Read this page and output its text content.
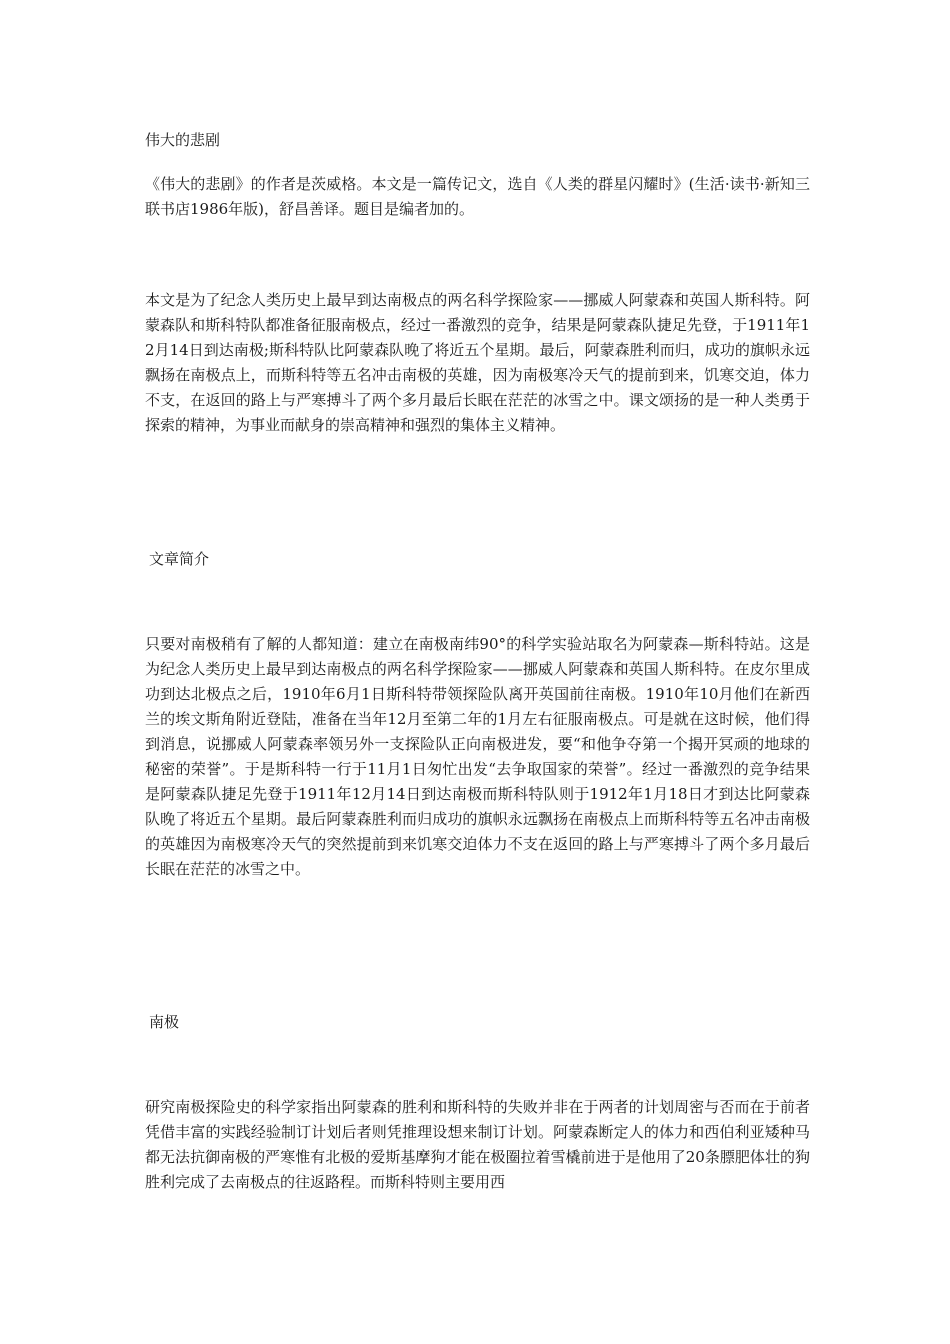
伟大的悲剧

《伟大的悲剧》的作者是茨威格。本文是一篇传记文，选自《人类的群星闪耀时》(生活·读书·新知三联书店1986年版)，舒昌善译。题目是编者加的。

本文是为了纪念人类历史上最早到达南极点的两名科学探险家——挪威人阿蒙森和英国人斯科特。阿蒙森队和斯科特队都准备征服南极点，经过一番激烈的竞争，结果是阿蒙森队捷足先登，于1911年12月14日到达南极;斯科特队比阿蒙森队晚了将近五个星期。最后，阿蒙森胜利而归，成功的旗帜永远飘扬在南极点上，而斯科特等五名冲击南极的英雄，因为南极寒冷天气的提前到来，饥寒交迫，体力不支，在返回的路上与严寒搏斗了两个多月最后长眠在茫茫的冰雪之中。课文颂扬的是一种人类勇于探索的精神，为事业而献身的崇高精神和强烈的集体主义精神。

文章简介

只要对南极稍有了解的人都知道：建立在南极南纬90°的科学实验站取名为阿蒙森—斯科特站。这是为纪念人类历史上最早到达南极点的两名科学探险家——挪威人阿蒙森和英国人斯科特。在皮尔里成功到达北极点之后，1910年6月1日斯科特带领探险队离开英国前往南极。1910年10月他们在新西兰的埃文斯角附近登陆，准备在当年12月至第二年的1月左右征服南极点。可是就在这时候，他们得到消息，说挪威人阿蒙森率领另外一支探险队正向南极进发，要“和他争夺第一个揭开冥顽的地球的秘密的荣誉”。于是斯科特一行于11月1日匆忙出发“去争取国家的荣誉”。经过一番激烈的竞争结果是阿蒙森队捷足先登于1911年12月14日到达南极而斯科特队则于1912年1月18日才到达比阿蒙森队晚了将近五个星期。最后阿蒙森胜利而归成功的旗帜永远飘扬在南极点上而斯科特等五名冲击南极的英雄因为南极寒冷天气的突然提前到来饥寒交迫体力不支在返回的路上与严寒搏斗了两个多月最后长眠在茫茫的冰雪之中。

南极

研究南极探险史的科学家指出阿蒙森的胜利和斯科特的失败并非在于两者的计划周密与否而在于前者凭借丰富的实践经验制订计划后者则凭推理设想来制订计划。阿蒙森断定人的体力和西伯利亚矮种马都无法抗御南极的严寒惟有北极的爱斯基摩狗才能在极圈拉着雪橇前进于是他用了20条膘肥体壮的狗胜利完成了去南极点的往返路程。而斯科特则主要用西
